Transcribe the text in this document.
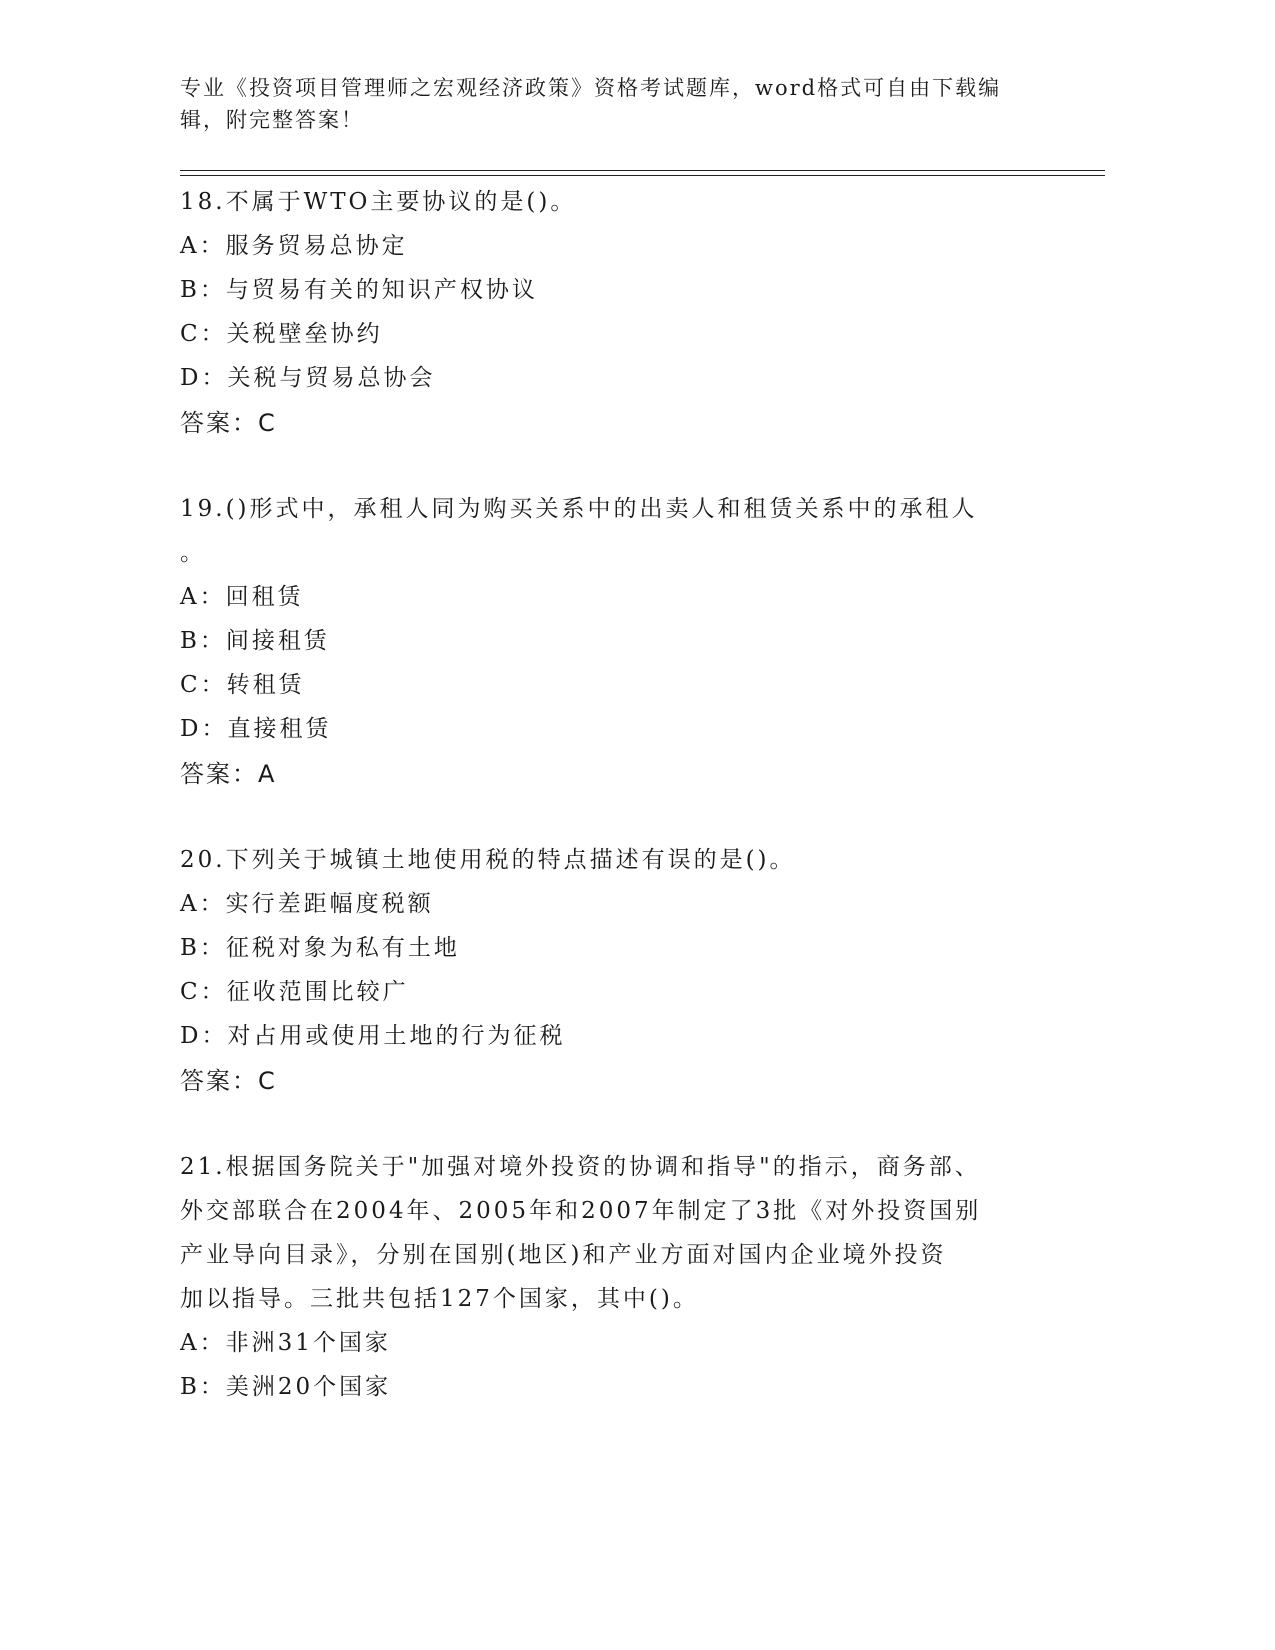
专业《投资项目管理师之宏观经济政策》资格考试题库，word格式可自由下载编
辑，附完整答案！
18.不属于WTO主要协议的是()。
A：服务贸易总协定
B：与贸易有关的知识产权协议
C：关税壁垒协约
D：关税与贸易总协会
答案：C
19.()形式中，承租人同为购买关系中的出卖人和租赁关系中的承租人
。
A：回租赁
B：间接租赁
C：转租赁
D：直接租赁
答案：A
20.下列关于城镇土地使用税的特点描述有误的是()。
A：实行差距幅度税额
B：征税对象为私有土地
C：征收范围比较广
D：对占用或使用土地的行为征税
答案：C
21.根据国务院关于"加强对境外投资的协调和指导"的指示，商务部、
外交部联合在2004年、2005年和2007年制定了3批《对外投资国别
产业导向目录》，分别在国别(地区)和产业方面对国内企业境外投资
加以指导。三批共包括127个国家，其中()。
A：非洲31个国家
B：美洲20个国家
